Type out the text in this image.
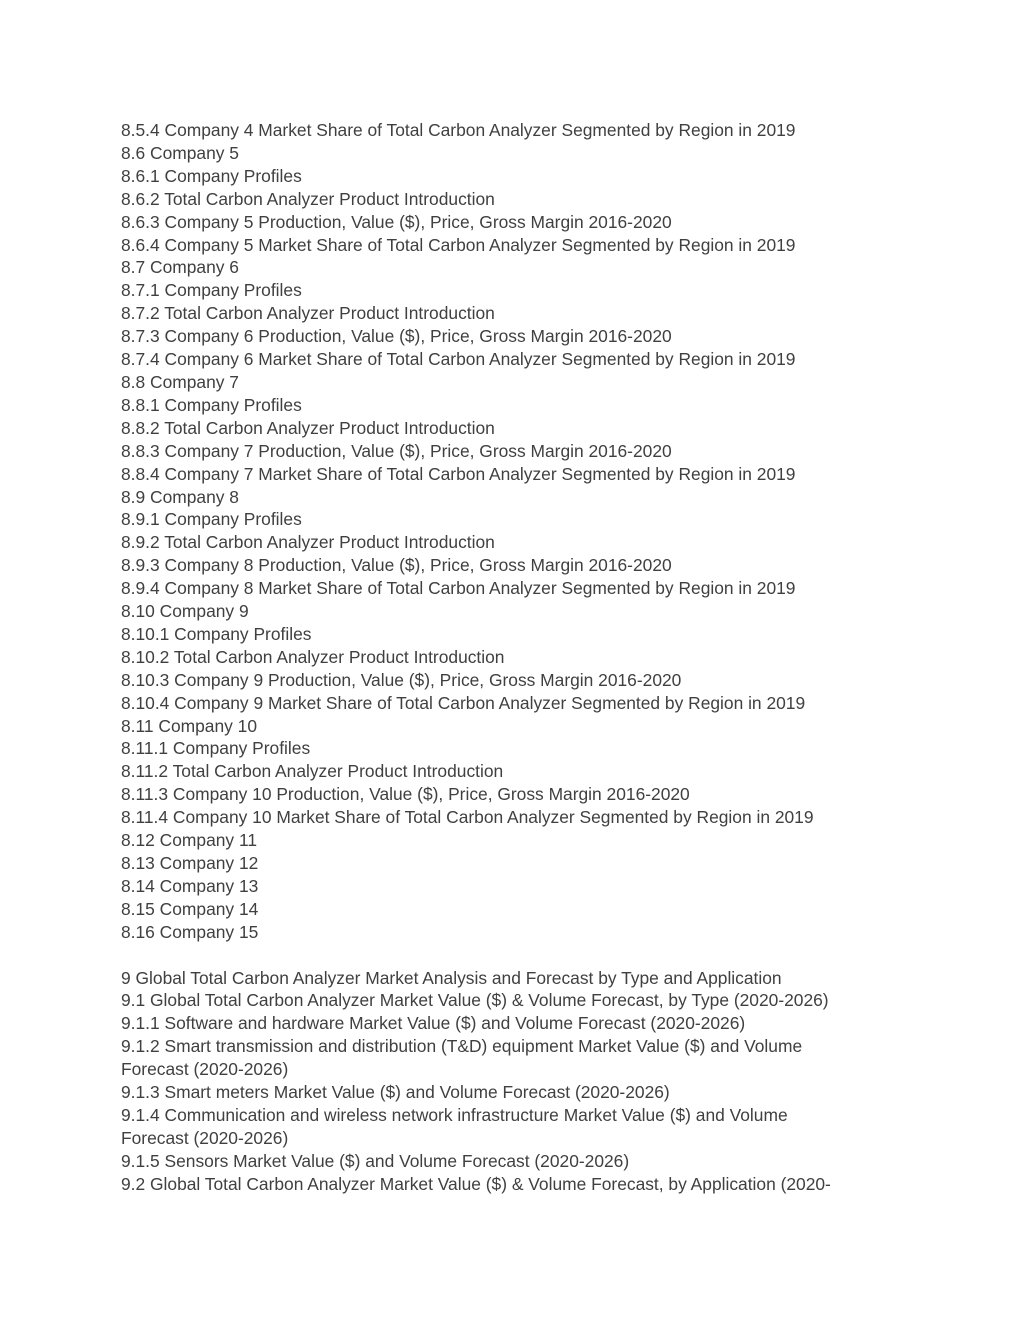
8.5.4 Company 4 Market Share of Total Carbon Analyzer Segmented by Region in 2019
8.6 Company 5
8.6.1 Company Profiles
8.6.2 Total Carbon Analyzer Product Introduction
8.6.3 Company 5 Production, Value ($), Price, Gross Margin 2016-2020
8.6.4 Company 5 Market Share of Total Carbon Analyzer Segmented by Region in 2019
8.7 Company 6
8.7.1 Company Profiles
8.7.2 Total Carbon Analyzer Product Introduction
8.7.3 Company 6 Production, Value ($), Price, Gross Margin 2016-2020
8.7.4 Company 6 Market Share of Total Carbon Analyzer Segmented by Region in 2019
8.8 Company 7
8.8.1 Company Profiles
8.8.2 Total Carbon Analyzer Product Introduction
8.8.3 Company 7 Production, Value ($), Price, Gross Margin 2016-2020
8.8.4 Company 7 Market Share of Total Carbon Analyzer Segmented by Region in 2019
8.9 Company 8
8.9.1 Company Profiles
8.9.2 Total Carbon Analyzer Product Introduction
8.9.3 Company 8 Production, Value ($), Price, Gross Margin 2016-2020
8.9.4 Company 8 Market Share of Total Carbon Analyzer Segmented by Region in 2019
8.10 Company 9
8.10.1 Company Profiles
8.10.2 Total Carbon Analyzer Product Introduction
8.10.3 Company 9 Production, Value ($), Price, Gross Margin 2016-2020
8.10.4 Company 9 Market Share of Total Carbon Analyzer Segmented by Region in 2019
8.11 Company 10
8.11.1 Company Profiles
8.11.2 Total Carbon Analyzer Product Introduction
8.11.3 Company 10 Production, Value ($), Price, Gross Margin 2016-2020
8.11.4 Company 10 Market Share of Total Carbon Analyzer Segmented by Region in 2019
8.12 Company 11
8.13 Company 12
8.14 Company 13
8.15 Company 14
8.16 Company 15
9 Global Total Carbon Analyzer Market Analysis and Forecast by Type and Application
9.1 Global Total Carbon Analyzer Market Value ($) & Volume Forecast, by Type (2020-2026)
9.1.1 Software and hardware Market Value ($) and Volume Forecast (2020-2026)
9.1.2 Smart transmission and distribution (T&D) equipment Market Value ($) and Volume
Forecast (2020-2026)
9.1.3 Smart meters Market Value ($) and Volume Forecast (2020-2026)
9.1.4 Communication and wireless network infrastructure Market Value ($) and Volume
Forecast (2020-2026)
9.1.5 Sensors Market Value ($) and Volume Forecast (2020-2026)
9.2 Global Total Carbon Analyzer Market Value ($) & Volume Forecast, by Application (2020-
